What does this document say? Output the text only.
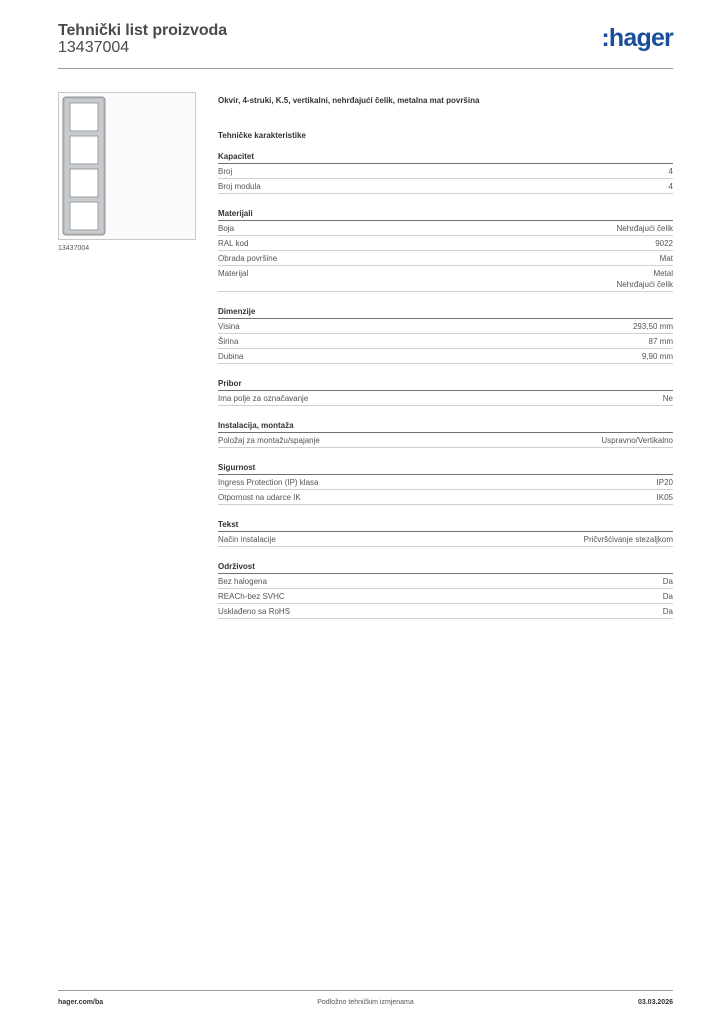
Tehnički list proizvoda
13437004	:hager
13437004
Okvir, 4-struki, K.5, vertikalni, nehrđajući čelik, metalna mat površina
Tehničke karakteristike
Kapacitet
Broj	4
Broj modula	4
Materijali
Boja	Nehrđajući čelik
RAL kod	9022
Obrada površine	Mat
Materijal	Metal
Nehrđajući čelik
Dimenzije
Visina	293,50 mm
Širina	87 mm
Dubina	9,90 mm
Pribor
Ima polje za označavanje	Ne
Instalacija, montaža
Položaj za montažu/spajanje	Uspravno/Vertikalno
Sigurnost
Ingress Protection (IP) klasa	IP20
Otpornost na udarce IK	IK05
Tekst
Način instalacije	Pričvršćivanje stezaljkom
Održivost
Bez halogena	Da
REACh-bez SVHC	Da
Usklađeno sa RoHS	Da
hager.com/ba	Podložno tehničkim izmjenama	03.03.2026
